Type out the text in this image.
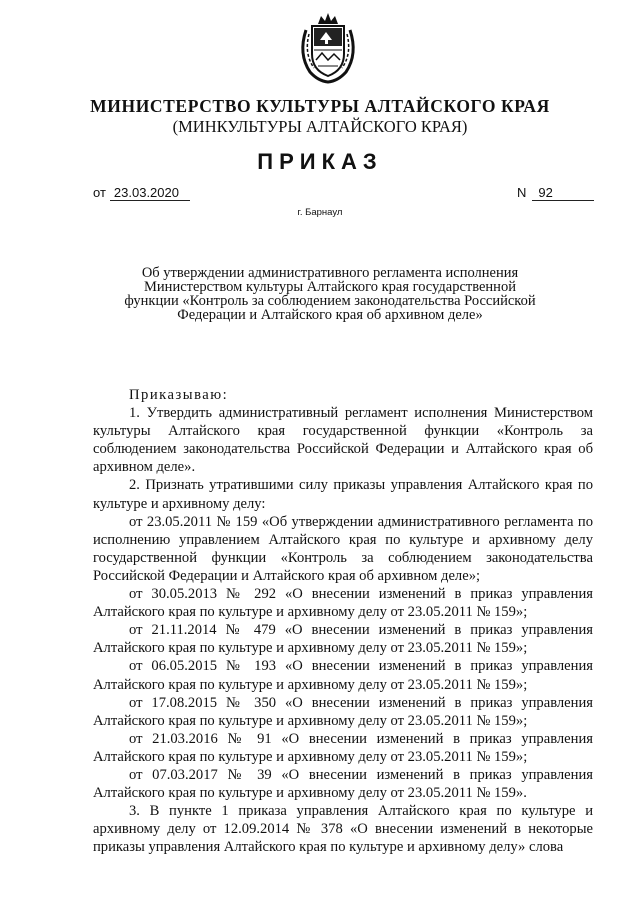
МИНИСТЕРСТВО КУЛЬТУРЫ АЛТАЙСКОГО КРАЯ
(МИНКУЛЬТУРЫ АЛТАЙСКОГО КРАЯ)
ПРИКАЗ
от 23.03.2020	N 92
г. Барнаул
Об утверждении административного регламента исполнения Министерством культуры Алтайского края государственной функции «Контроль за соблюдением законодательства Российской Федерации и Алтайского края об архивном деле»

Приказываю:

1. Утвердить административный регламент исполнения Министерством культуры Алтайского края государственной функции «Контроль за соблюдением законодательства Российской Федерации и Алтайского края об архивном деле».

2. Признать утратившими силу приказы управления Алтайского края по культуре и архивному делу:

от 23.05.2011 № 159 «Об утверждении административного регламента по исполнению управлением Алтайского края по культуре и архивному делу государственной функции «Контроль за соблюдением законодательства Российской Федерации и Алтайского края об архивном деле»;

от 30.05.2013 № 292 «О внесении изменений в приказ управления Алтайского края по культуре и архивному делу от 23.05.2011 № 159»;

от 21.11.2014 № 479 «О внесении изменений в приказ управления Алтайского края по культуре и архивному делу от 23.05.2011 № 159»;

от 06.05.2015 № 193 «О внесении изменений в приказ управления Алтайского края по культуре и архивному делу от 23.05.2011 № 159»;

от 17.08.2015 № 350 «О внесении изменений в приказ управления Алтайского края по культуре и архивному делу от 23.05.2011 № 159»;

от 21.03.2016 № 91 «О внесении изменений в приказ управления Алтайского края по культуре и архивному делу от 23.05.2011 № 159»;

от 07.03.2017 № 39 «О внесении изменений в приказ управления Алтайского края по культуре и архивному делу от 23.05.2011 № 159».

3. В пункте 1 приказа управления Алтайского края по культуре и архивному делу от 12.09.2014 № 378 «О внесении изменений в некоторые приказы управления Алтайского края по культуре и архивному делу» слова
